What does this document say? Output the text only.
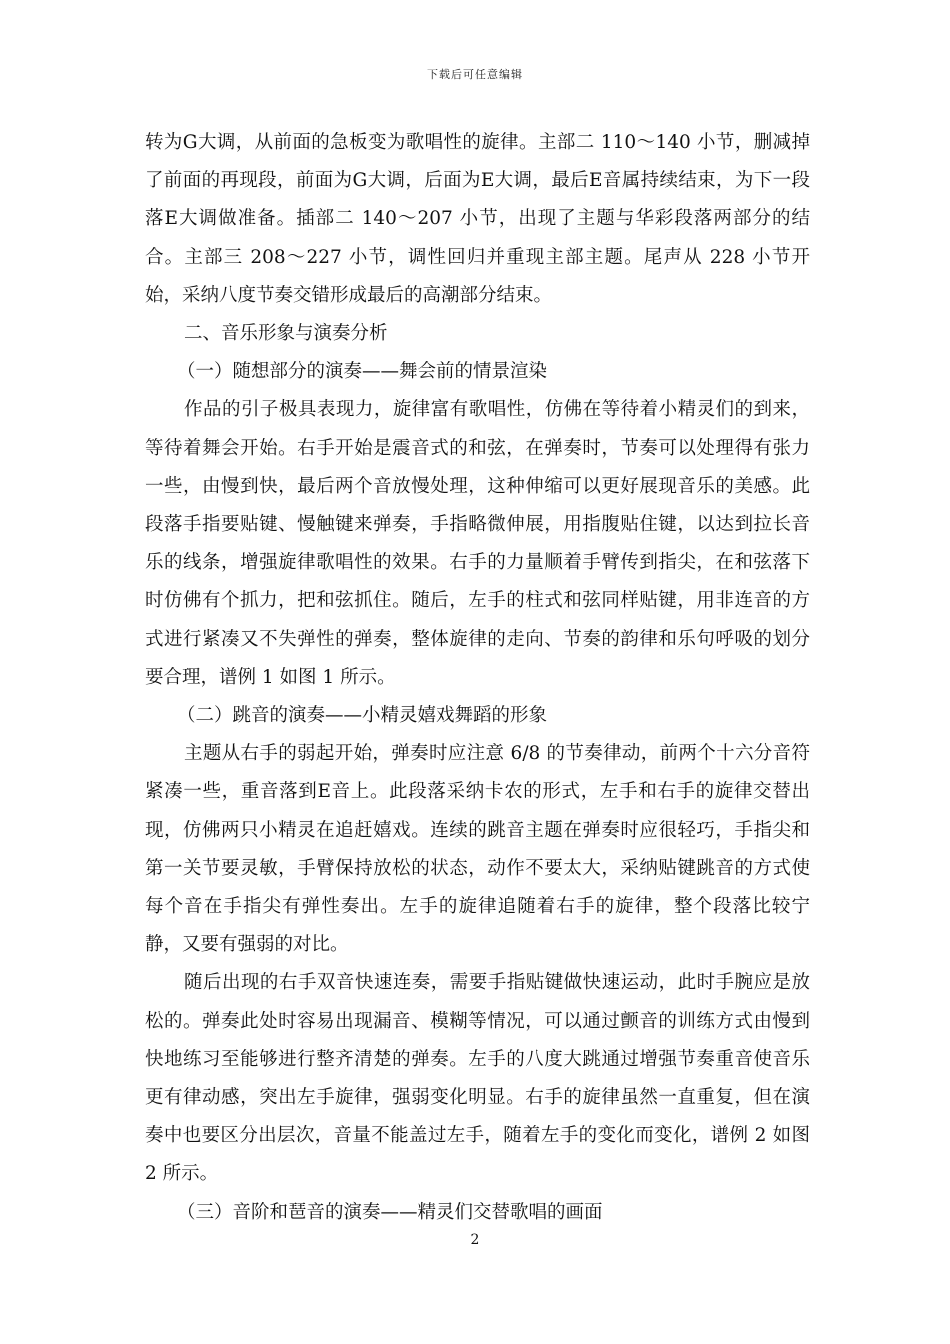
下载后可任意编辑

转为G大调，从前面的急板变为歌唱性的旋律。主部二 110～140 小节，删减掉了前面的再现段，前面为G大调，后面为E大调，最后E音属持续结束，为下一段落E大调做准备。插部二 140～207 小节，出现了主题与华彩段落两部分的结合。主部三 208～227 小节，调性回归并重现主部主题。尾声从 228 小节开始，采纳八度节奏交错形成最后的高潮部分结束。

二、音乐形象与演奏分析

（一）随想部分的演奏——舞会前的情景渲染

作品的引子极具表现力，旋律富有歌唱性，仿佛在等待着小精灵们的到来，等待着舞会开始。右手开始是震音式的和弦，在弹奏时，节奏可以处理得有张力一些，由慢到快，最后两个音放慢处理，这种伸缩可以更好展现音乐的美感。此段落手指要贴键、慢触键来弹奏，手指略微伸展，用指腹贴住键，以达到拉长音乐的线条，增强旋律歌唱性的效果。右手的力量顺着手臂传到指尖，在和弦落下时仿佛有个抓力，把和弦抓住。随后，左手的柱式和弦同样贴键，用非连音的方式进行紧凑又不失弹性的弹奏，整体旋律的走向、节奏的韵律和乐句呼吸的划分要合理，谱例 1 如图 1 所示。

（二）跳音的演奏——小精灵嬉戏舞蹈的形象

主题从右手的弱起开始，弹奏时应注意 6/8 的节奏律动，前两个十六分音符紧凑一些，重音落到E音上。此段落采纳卡农的形式，左手和右手的旋律交替出现，仿佛两只小精灵在追赶嬉戏。连续的跳音主题在弹奏时应很轻巧，手指尖和第一关节要灵敏，手臂保持放松的状态，动作不要太大，采纳贴键跳音的方式使每个音在手指尖有弹性奏出。左手的旋律追随着右手的旋律，整个段落比较宁静，又要有强弱的对比。

随后出现的右手双音快速连奏，需要手指贴键做快速运动，此时手腕应是放松的。弹奏此处时容易出现漏音、模糊等情况，可以通过颤音的训练方式由慢到快地练习至能够进行整齐清楚的弹奏。左手的八度大跳通过增强节奏重音使音乐更有律动感，突出左手旋律，强弱变化明显。右手的旋律虽然一直重复，但在演奏中也要区分出层次，音量不能盖过左手，随着左手的变化而变化，谱例 2 如图 2 所示。

（三）音阶和琶音的演奏——精灵们交替歌唱的画面

2
